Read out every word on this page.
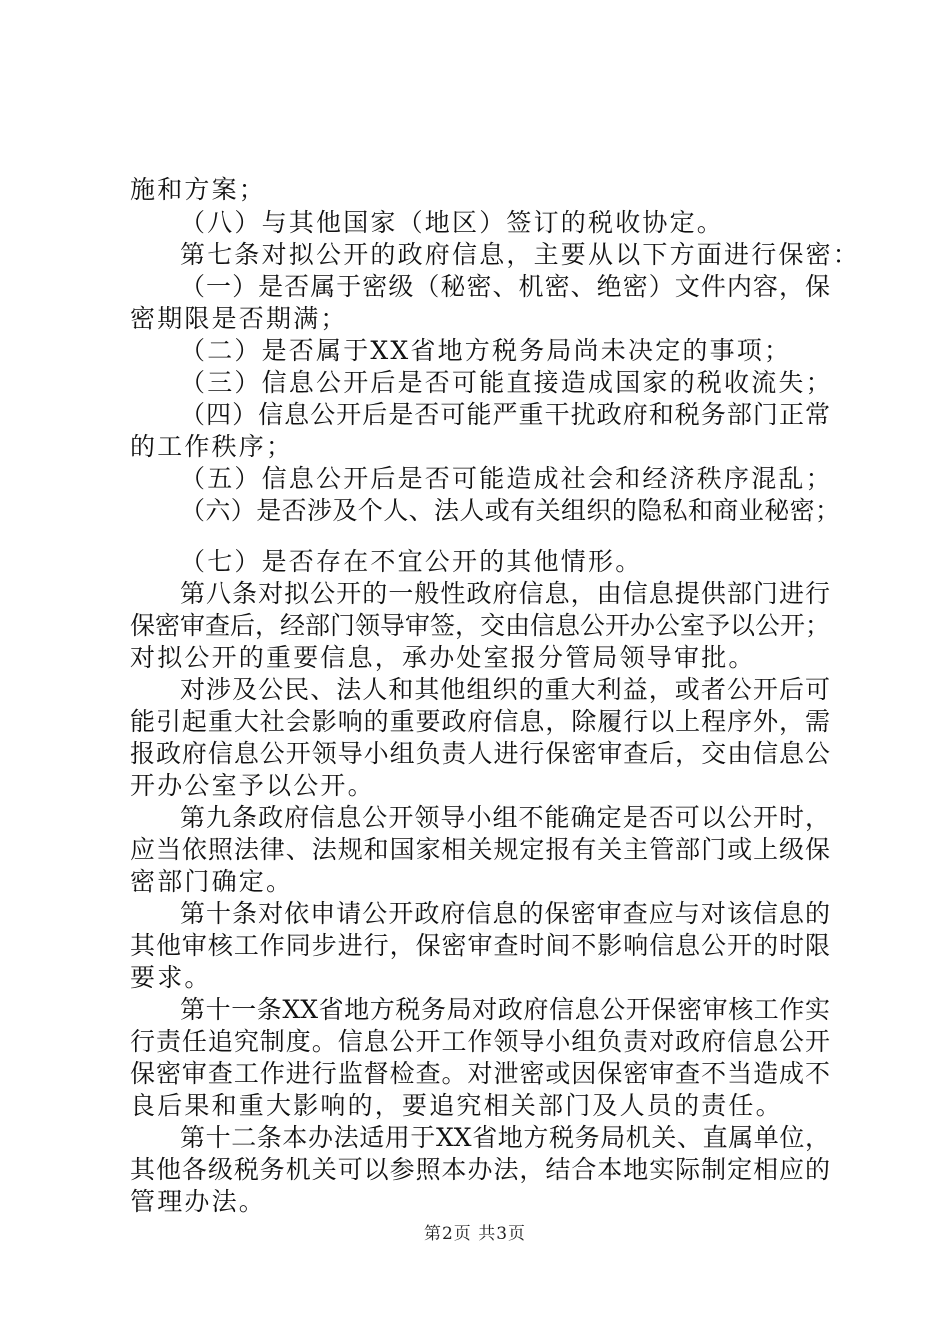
施和方案；
（八）与其他国家（地区）签订的税收协定。
第七条对拟公开的政府信息，主要从以下方面进行保密：
（一）是否属于密级（秘密、机密、绝密）文件内容，保
密期限是否期满；
（二）是否属于XX省地方税务局尚未决定的事项；
（三）信息公开后是否可能直接造成国家的税收流失；
（四）信息公开后是否可能严重干扰政府和税务部门正常
的工作秩序；
（五）信息公开后是否可能造成社会和经济秩序混乱；
（六）是否涉及个人、法人或有关组织的隐私和商业秘密；
（七）是否存在不宜公开的其他情形。
第八条对拟公开的一般性政府信息，由信息提供部门进行
保密审查后，经部门领导审签，交由信息公开办公室予以公开；
对拟公开的重要信息，承办处室报分管局领导审批。
对涉及公民、法人和其他组织的重大利益，或者公开后可
能引起重大社会影响的重要政府信息，除履行以上程序外，需
报政府信息公开领导小组负责人进行保密审查后，交由信息公
开办公室予以公开。
第九条政府信息公开领导小组不能确定是否可以公开时，
应当依照法律、法规和国家相关规定报有关主管部门或上级保
密部门确定。
第十条对依申请公开政府信息的保密审查应与对该信息的
其他审核工作同步进行，保密审查时间不影响信息公开的时限
要求。
第十一条XX省地方税务局对政府信息公开保密审核工作实
行责任追究制度。信息公开工作领导小组负责对政府信息公开
保密审查工作进行监督检查。对泄密或因保密审查不当造成不
良后果和重大影响的，要追究相关部门及人员的责任。
第十二条本办法适用于XX省地方税务局机关、直属单位，
其他各级税务机关可以参照本办法，结合本地实际制定相应的
管理办法。
第2页 共3页
